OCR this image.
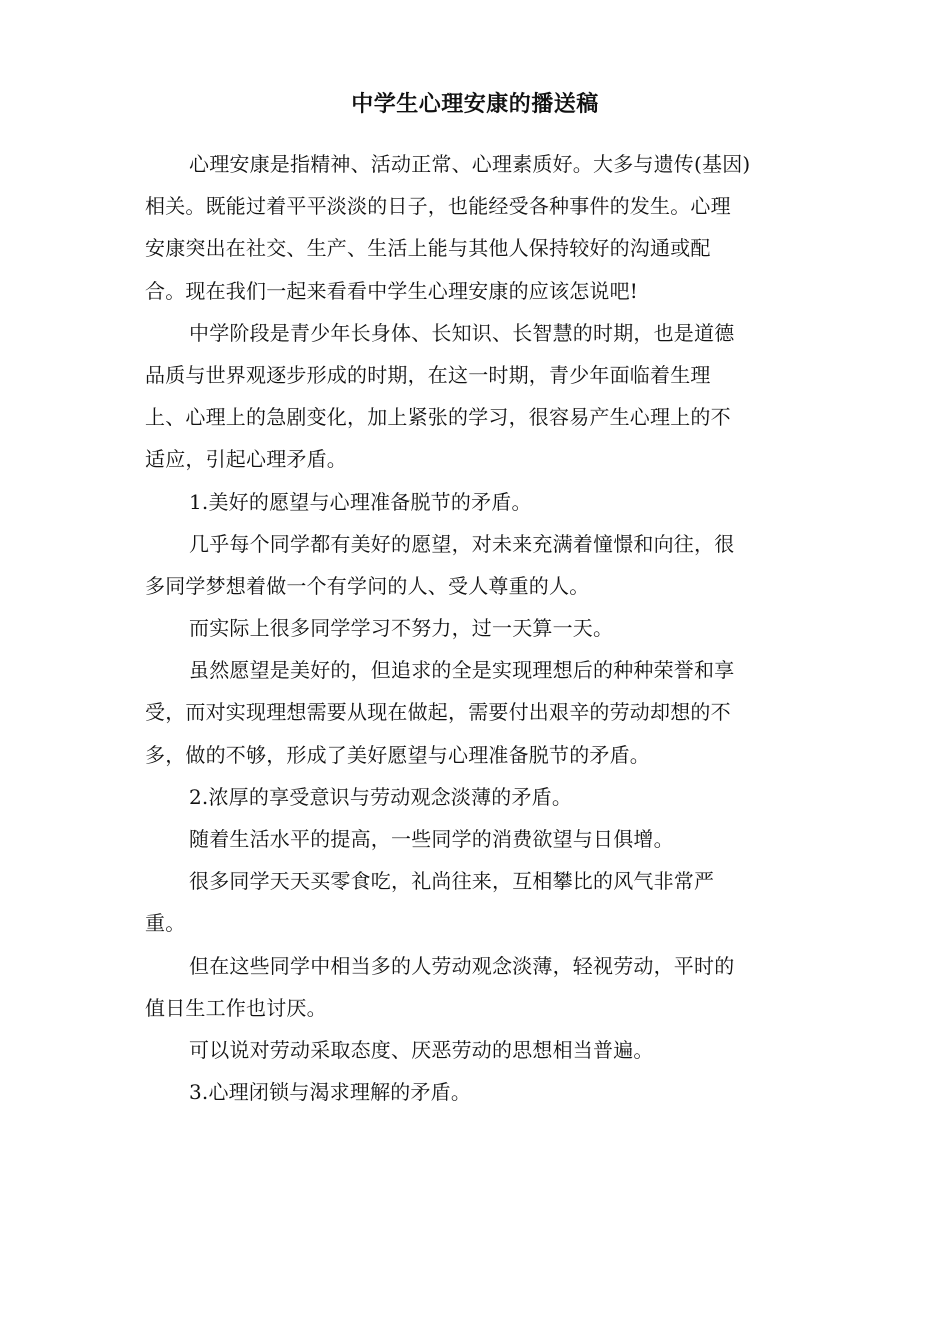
中学生心理安康的播送稿
心理安康是指精神、活动正常、心理素质好。大多与遗传(基因)
相关。既能过着平平淡淡的日子，也能经受各种事件的发生。心理
安康突出在社交、生产、生活上能与其他人保持较好的沟通或配
合。现在我们一起来看看中学生心理安康的应该怎说吧!
中学阶段是青少年长身体、长知识、长智慧的时期，也是道德
品质与世界观逐步形成的时期，在这一时期，青少年面临着生理
上、心理上的急剧变化，加上紧张的学习，很容易产生心理上的不
适应，引起心理矛盾。
1.美好的愿望与心理准备脱节的矛盾。
几乎每个同学都有美好的愿望，对未来充满着憧憬和向往，很
多同学梦想着做一个有学问的人、受人尊重的人。
而实际上很多同学学习不努力，过一天算一天。
虽然愿望是美好的，但追求的全是实现理想后的种种荣誉和享
受，而对实现理想需要从现在做起，需要付出艰辛的劳动却想的不
多，做的不够，形成了美好愿望与心理准备脱节的矛盾。
2.浓厚的享受意识与劳动观念淡薄的矛盾。
随着生活水平的提高，一些同学的消费欲望与日俱增。
很多同学天天买零食吃，礼尚往来，互相攀比的风气非常严
重。
但在这些同学中相当多的人劳动观念淡薄，轻视劳动，平时的
值日生工作也讨厌。
可以说对劳动采取态度、厌恶劳动的思想相当普遍。
3.心理闭锁与渴求理解的矛盾。
